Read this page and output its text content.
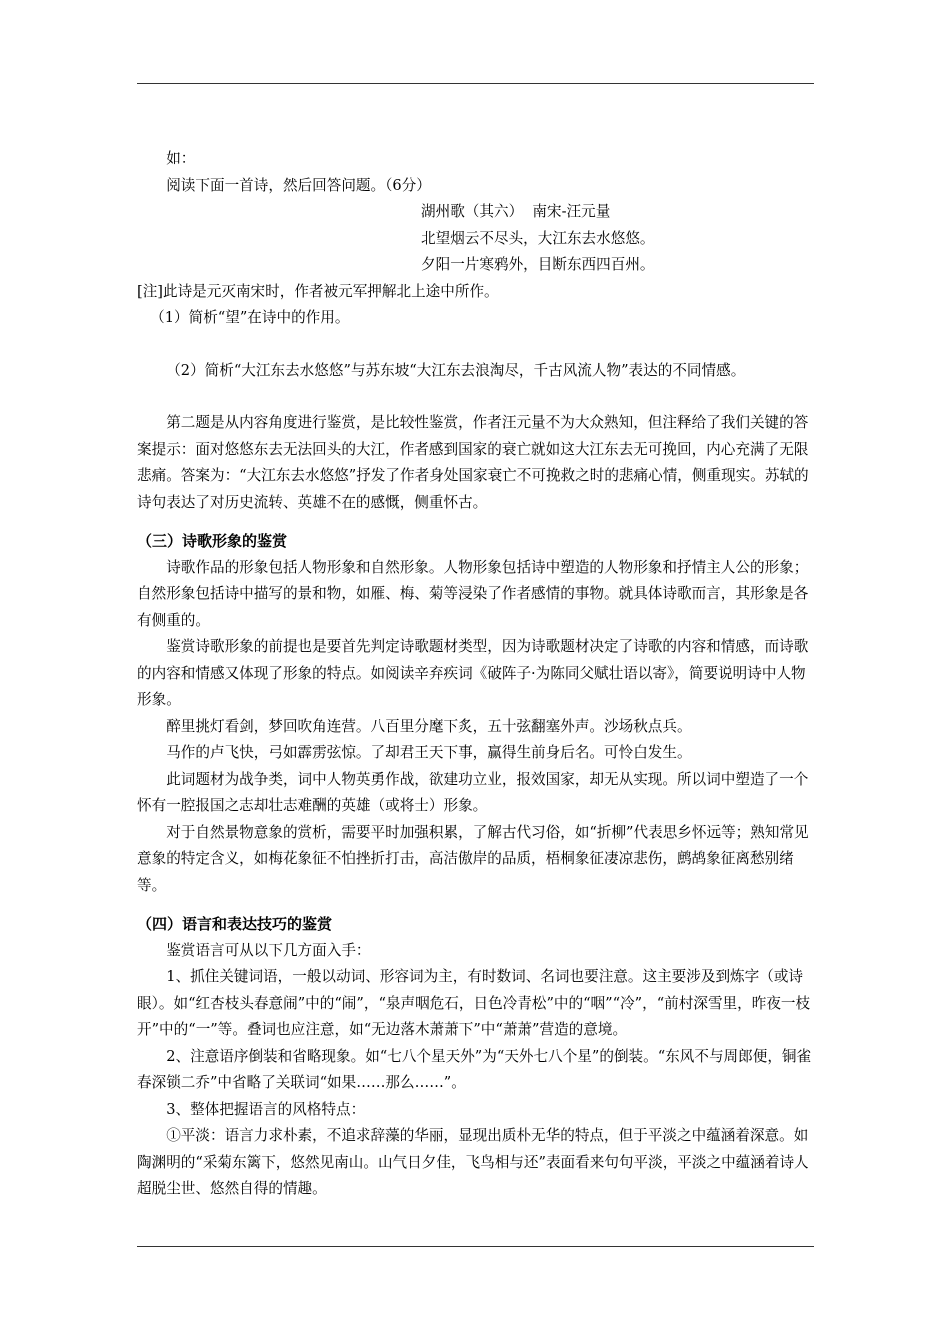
如：

阅读下面一首诗，然后回答问题。（6分）

湖州歌（其六）  南宋-汪元量

北望烟云不尽头，大江东去水悠悠。

夕阳一片寒鸦外，目断东西四百州。

[注]此诗是元灭南宋时，作者被元军押解北上途中所作。

（1）简析“望”在诗中的作用。

（2）简析“大江东去水悠悠”与苏东坡“大江东去浪淘尽，千古风流人物”表达的不同情感。

第二题是从内容角度进行鉴赏，是比较性鉴赏，作者汪元量不为大众熟知，但注释给了我们关键的答案提示：面对悠悠东去无法回头的大江，作者感到国家的衰亡就如这大江东去无可挽回，内心充满了无限悲痛。答案为：“大江东去水悠悠”抒发了作者身处国家衰亡不可挽救之时的悲痛心情，侧重现实。苏轼的诗句表达了对历史流转、英雄不在的感慨，侧重怀古。

（三）诗歌形象的鉴赏

诗歌作品的形象包括人物形象和自然形象。人物形象包括诗中塑造的人物形象和抒情主人公的形象；自然形象包括诗中描写的景和物，如雁、梅、菊等浸染了作者感情的事物。就具体诗歌而言，其形象是各有侧重的。

鉴赏诗歌形象的前提也是要首先判定诗歌题材类型，因为诗歌题材决定了诗歌的内容和情感，而诗歌的内容和情感又体现了形象的特点。如阅读辛弃疾词《破阵子·为陈同父赋壮语以寄》，简要说明诗中人物形象。

醉里挑灯看剑，梦回吹角连营。八百里分麾下炙，五十弦翻塞外声。沙场秋点兵。

马作的卢飞快，弓如霹雳弦惊。了却君王天下事，赢得生前身后名。可怜白发生。

此词题材为战争类，词中人物英勇作战，欲建功立业，报效国家，却无从实现。所以词中塑造了一个怀有一腔报国之志却壮志难酬的英雄（或将士）形象。

对于自然景物意象的赏析，需要平时加强积累，了解古代习俗，如“折柳”代表思乡怀远等；熟知常见意象的特定含义，如梅花象征不怕挫折打击，高洁傲岸的品质，梧桐象征凄凉悲伤，鹧鸪象征离愁别绪等。

（四）语言和表达技巧的鉴赏

鉴赏语言可从以下几方面入手：

1、抓住关键词语，一般以动词、形容词为主，有时数词、名词也要注意。这主要涉及到炼字（或诗眼）。如“红杏枝头春意闹”中的“闹”，“泉声咽危石，日色冷青松”中的“咽”“冷”，“前村深雪里，昨夜一枝开”中的“一”等。叠词也应注意，如“无边落木萧萧下”中“萧萧”营造的意境。

2、注意语序倒装和省略现象。如“七八个星天外”为“天外七八个星”的倒装。“东风不与周郎便，铜雀春深锁二乔”中省略了关联词“如果……那么……”。

3、整体把握语言的风格特点：

①平淡：语言力求朴素，不追求辞藻的华丽，显现出质朴无华的特点，但于平淡之中蕴涵着深意。如陶渊明的“采菊东篱下，悠然见南山。山气日夕佳，飞鸟相与还”表面看来句句平淡，平淡之中蕴涵着诗人超脱尘世、悠然自得的情趣。
